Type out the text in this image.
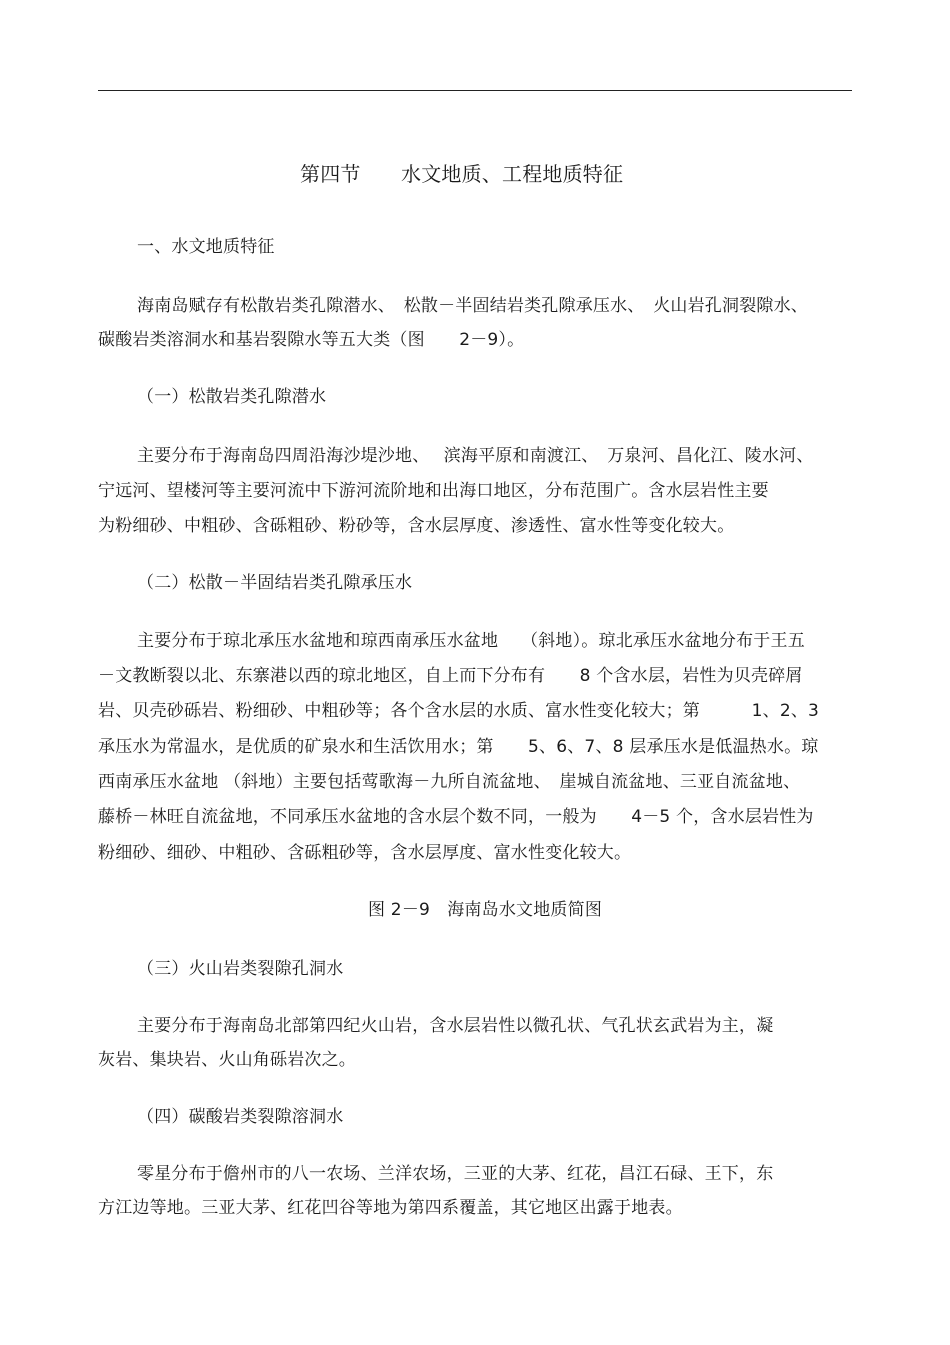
第四节　　水文地质、工程地质特征
一、水文地质特征
海南岛赋存有松散岩类孔隙潜水、　松散－半固结岩类孔隙承压水、　火山岩孔洞裂隙水、
碳酸岩类溶洞水和基岩裂隙水等五大类（图　　2－9）。
（一）松散岩类孔隙潜水
主要分布于海南岛四周沿海沙堤沙地、　 滨海平原和南渡江、　万泉河、昌化江、陵水河、
宁远河、望楼河等主要河流中下游河流阶地和出海口地区，分布范围广。含水层岩性主要
为粉细砂、中粗砂、含砾粗砂、粉砂等，含水层厚度、渗透性、富水性等变化较大。
（二）松散－半固结岩类孔隙承压水
主要分布于琼北承压水盆地和琼西南承压水盆地　 （斜地）。琼北承压水盆地分布于王五
－文教断裂以北、东寨港以西的琼北地区，自上而下分布有　　8 个含水层，岩性为贝壳碎屑
岩、贝壳砂砾岩、粉细砂、中粗砂等；各个含水层的水质、富水性变化较大；第　　　1、2、3
承压水为常温水，是优质的矿泉水和生活饮用水；第　　5、6、7、8 层承压水是低温热水。琼
西南承压水盆地 （斜地）主要包括莺歌海－九所自流盆地、　崖城自流盆地、三亚自流盆地、
藤桥－林旺自流盆地，不同承压水盆地的含水层个数不同，一般为　　4－5 个，含水层岩性为
粉细砂、细砂、中粗砂、含砾粗砂等，含水层厚度、富水性变化较大。
图 2－9　海南岛水文地质简图
（三）火山岩类裂隙孔洞水
主要分布于海南岛北部第四纪火山岩，含水层岩性以微孔状、气孔状玄武岩为主，凝
灰岩、集块岩、火山角砾岩次之。
（四）碳酸岩类裂隙溶洞水
零星分布于儋州市的八一农场、兰洋农场，三亚的大茅、红花，昌江石碌、王下，东
方江边等地。三亚大茅、红花凹谷等地为第四系覆盖，其它地区出露于地表。
